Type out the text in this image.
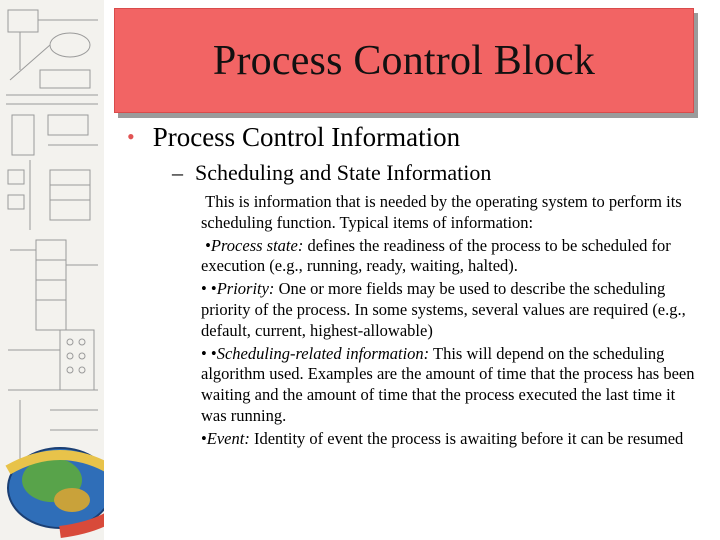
Process Control Block
• Process Control Information
– Scheduling and State Information

This is information that is needed by the operating system to perform its scheduling function. Typical items of information:

•Process state: defines the readiness of the process to be scheduled for execution (e.g., running, ready, waiting, halted).

• •Priority: One or more fields may be used to describe the scheduling priority of the process. In some systems, several values are required (e.g., default, current, highest-allowable)

• •Scheduling-related information: This will depend on the scheduling algorithm used. Examples are the amount of time that the process has been waiting and the amount of time that the process executed the last time it was running.

•Event: Identity of event the process is awaiting before it can be resumed
